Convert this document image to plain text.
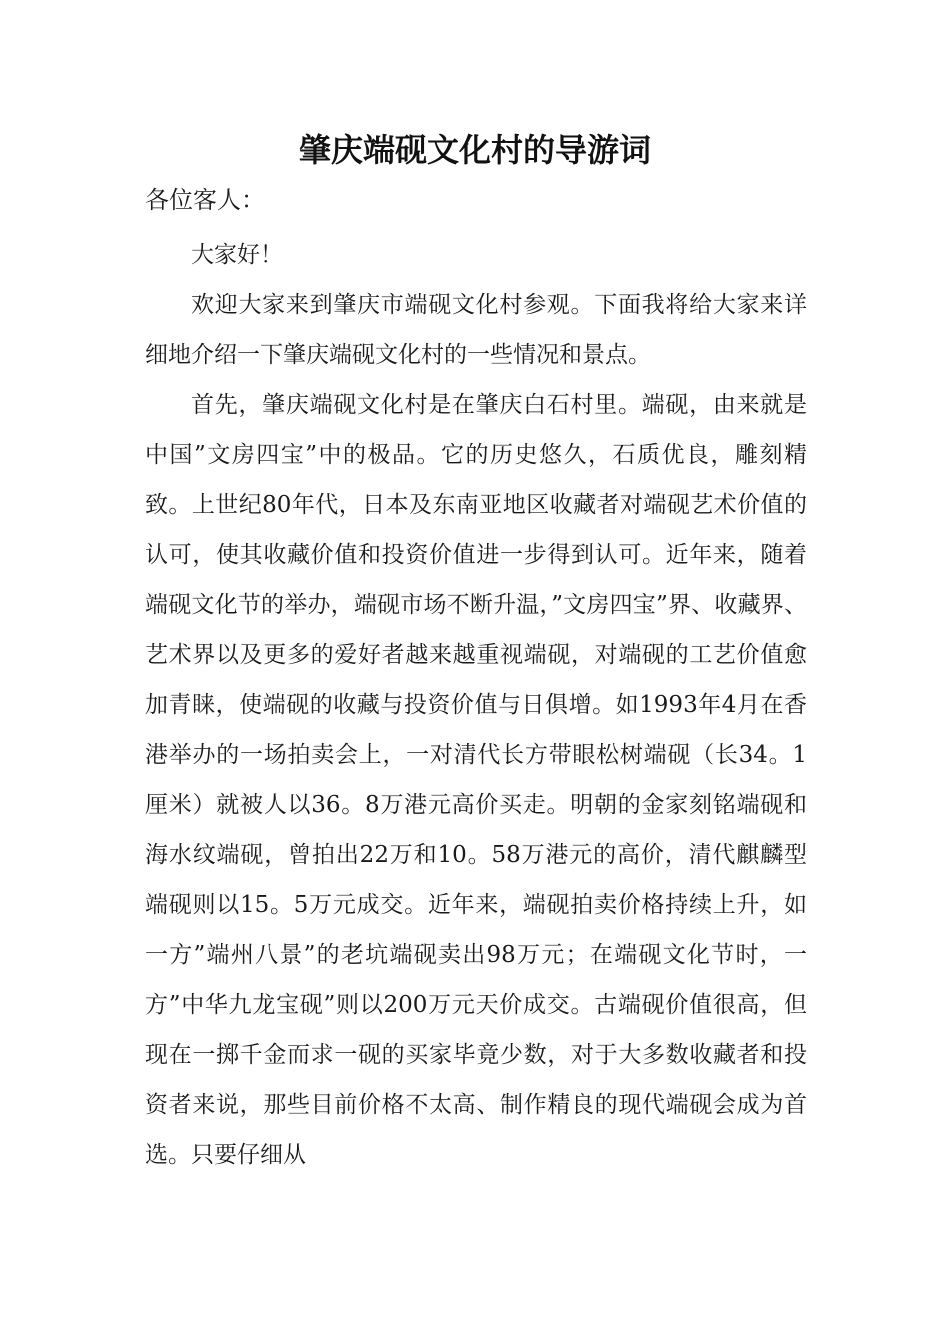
肇庆端砚文化村的导游词

各位客人：

大家好！

欢迎大家来到肇庆市端砚文化村参观。下面我将给大家来详细地介绍一下肇庆端砚文化村的一些情况和景点。

首先，肇庆端砚文化村是在肇庆白石村里。端砚，由来就是中国”文房四宝”中的极品。它的历史悠久，石质优良，雕刻精致。上世纪80年代，日本及东南亚地区收藏者对端砚艺术价值的认可，使其收藏价值和投资价值进一步得到认可。近年来，随着端砚文化节的举办，端砚市场不断升温，”文房四宝”界、收藏界、艺术界以及更多的爱好者越来越重视端砚，对端砚的工艺价值愈加青睐，使端砚的收藏与投资价值与日俱增。如1993年4月在香港举办的一场拍卖会上，一对清代长方带眼松树端砚（长34。1厘米）就被人以36。8万港元高价买走。明朝的金家刻铭端砚和海水纹端砚，曾拍出22万和10。58万港元的高价，清代麒麟型端砚则以15。5万元成交。近年来，端砚拍卖价格持续上升，如一方”端州八景”的老坑端砚卖出98万元；在端砚文化节时，一方”中华九龙宝砚”则以200万元天价成交。古端砚价值很高，但现在一掷千金而求一砚的买家毕竟少数，对于大多数收藏者和投资者来说，那些目前价格不太高、制作精良的现代端砚会成为首选。只要仔细从
